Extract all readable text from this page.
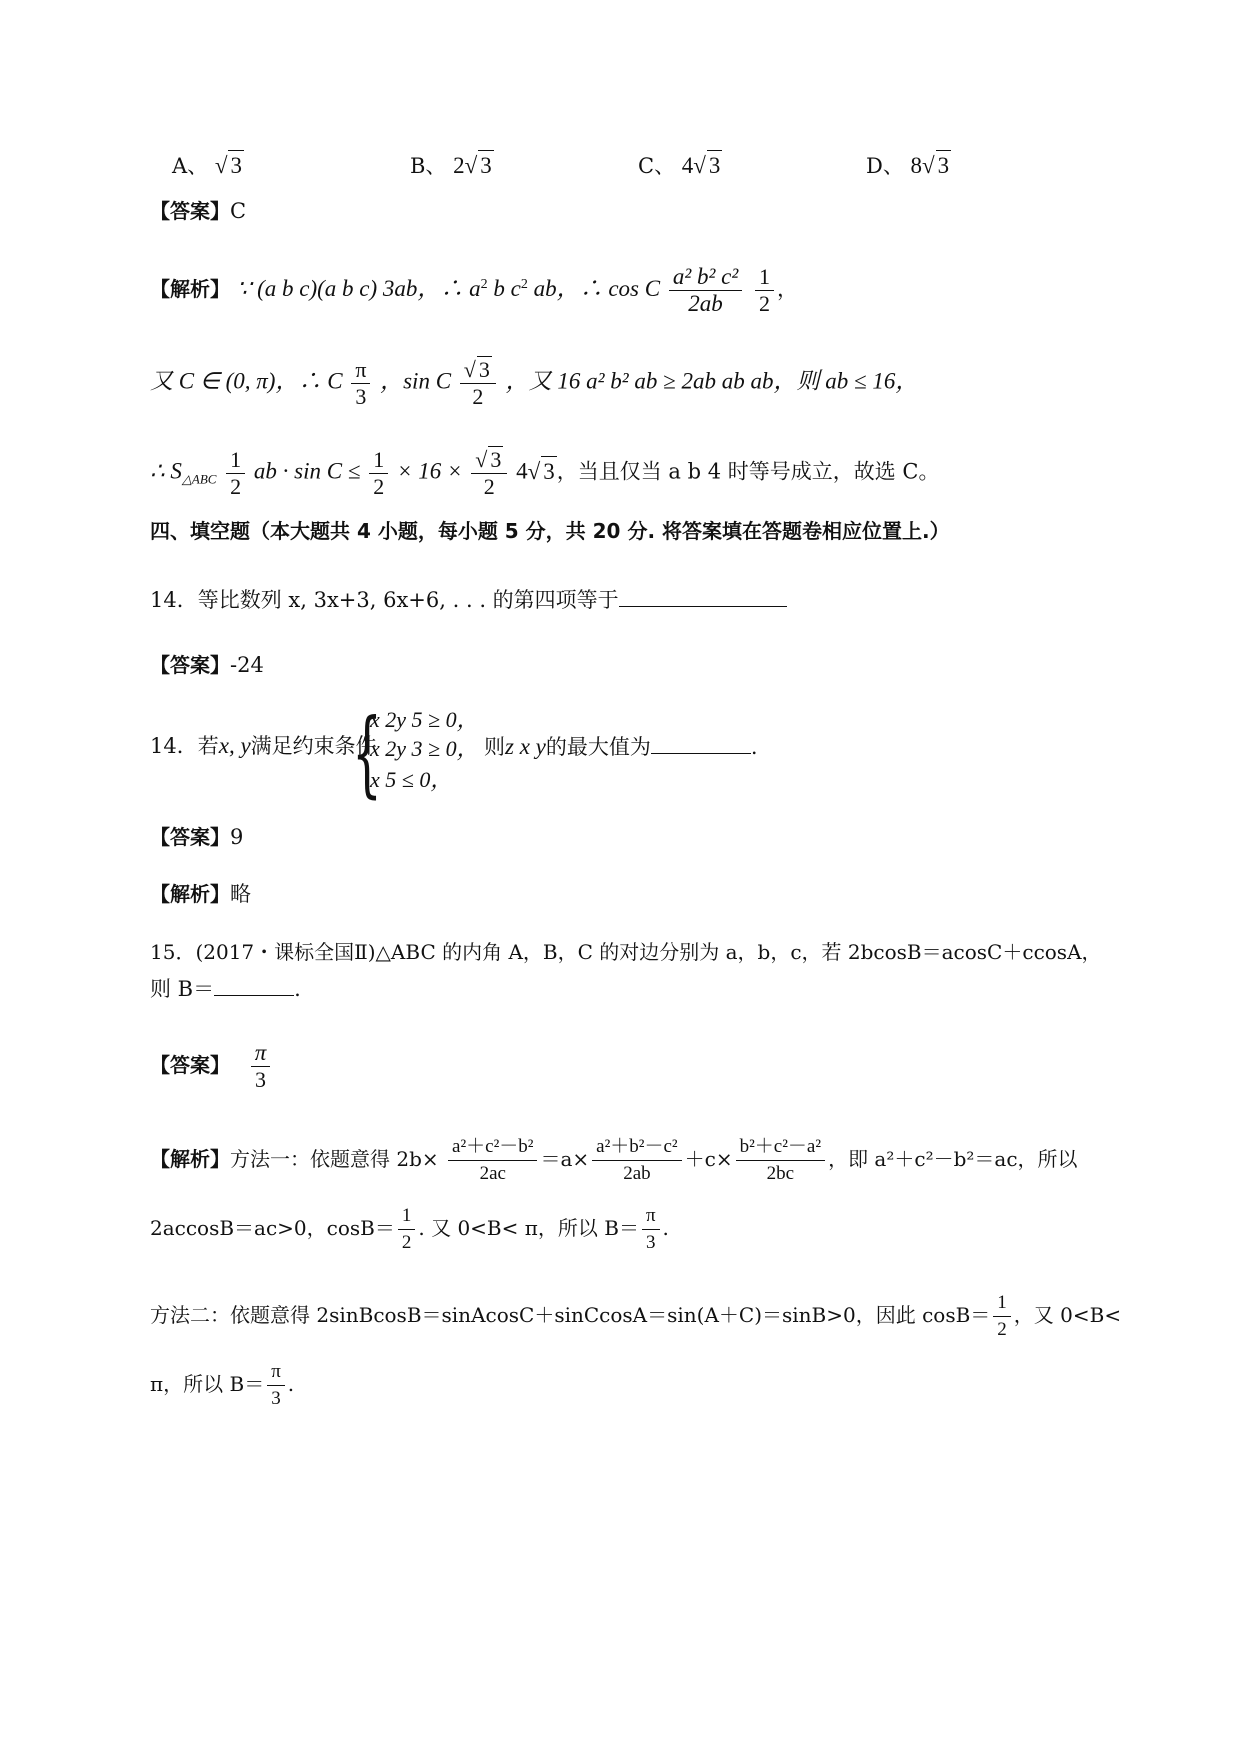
A、 √ 3	B、 2√ 3	C、 4√ 3	D、 8√ 3
【答案】C
【解析】 ∵ (a b c)(a b c) 3ab，∴ $a^2$ b $c^2$ ab，∴ cos C $\frac{\text{a² b² c²}}{2ab}$
$\frac{1}{2}$ ，
又 C ∈ (0, π)，∴ C $\frac{\pi}{3}$ ，sin C $\frac{√ 3}{2}$ ，又 16 a² b² ab ≥ 2ab ab ab，则 ab ≤ 16，
∴ $S_{\triangle ABC} \frac{1}{2}$ ab · $\sin C \le \frac{1}{2} \times 16 \times \frac{√ 3}{2} 4√$ 3，当且仅当 a b 4 时等号成立，故选 C。
四、填空题（本大题共 4 小题，每小题 5 分，共 20 分. 将答案填在答题卷相应位置上.）
14．等比数列 x, 3x+3, 6x+6, . . . 的第四项等于
【答案】-24
14．若x, y满足约束条件
{
x 2y 5 ≥ 0，
x 2y 3 ≥ 0，
x 5 ≤ 0，
则z x y的最大值为	.
【答案】9
【解析】略
15．(2017・课标全国Ⅱ)△ABC 的内角 A，B，C 的对边分别为 a，b，c，若 2bcosB＝acosC＋ccosA，
则 B＝	.
【答案】 $\frac{\pi}{3}$
【解析】方法一：依题意得 $2b\times \frac{\text{a²＋c²－b²}}{2ac} =a\times \frac{\text{a²＋b²－c²}}{2ab} +c\times \frac{\text{b²＋c²－a²}}{2bc}$ ，即 a²＋c²－b²＝ac，所以
2accosB＝ac>0，$\cos B= \frac{1}{2}$ . 又 0<B< π，所以 $B= \frac{\pi}{3}$ .
方法二：依题意得 2sinBcosB＝sinAcosC＋sinCcosA＝sin(A＋C)＝sinB>0，因此 $\cos B= \frac{1}{2}$ ，又 0<B<
π，所以 $B= \frac{\pi}{3}$ .
